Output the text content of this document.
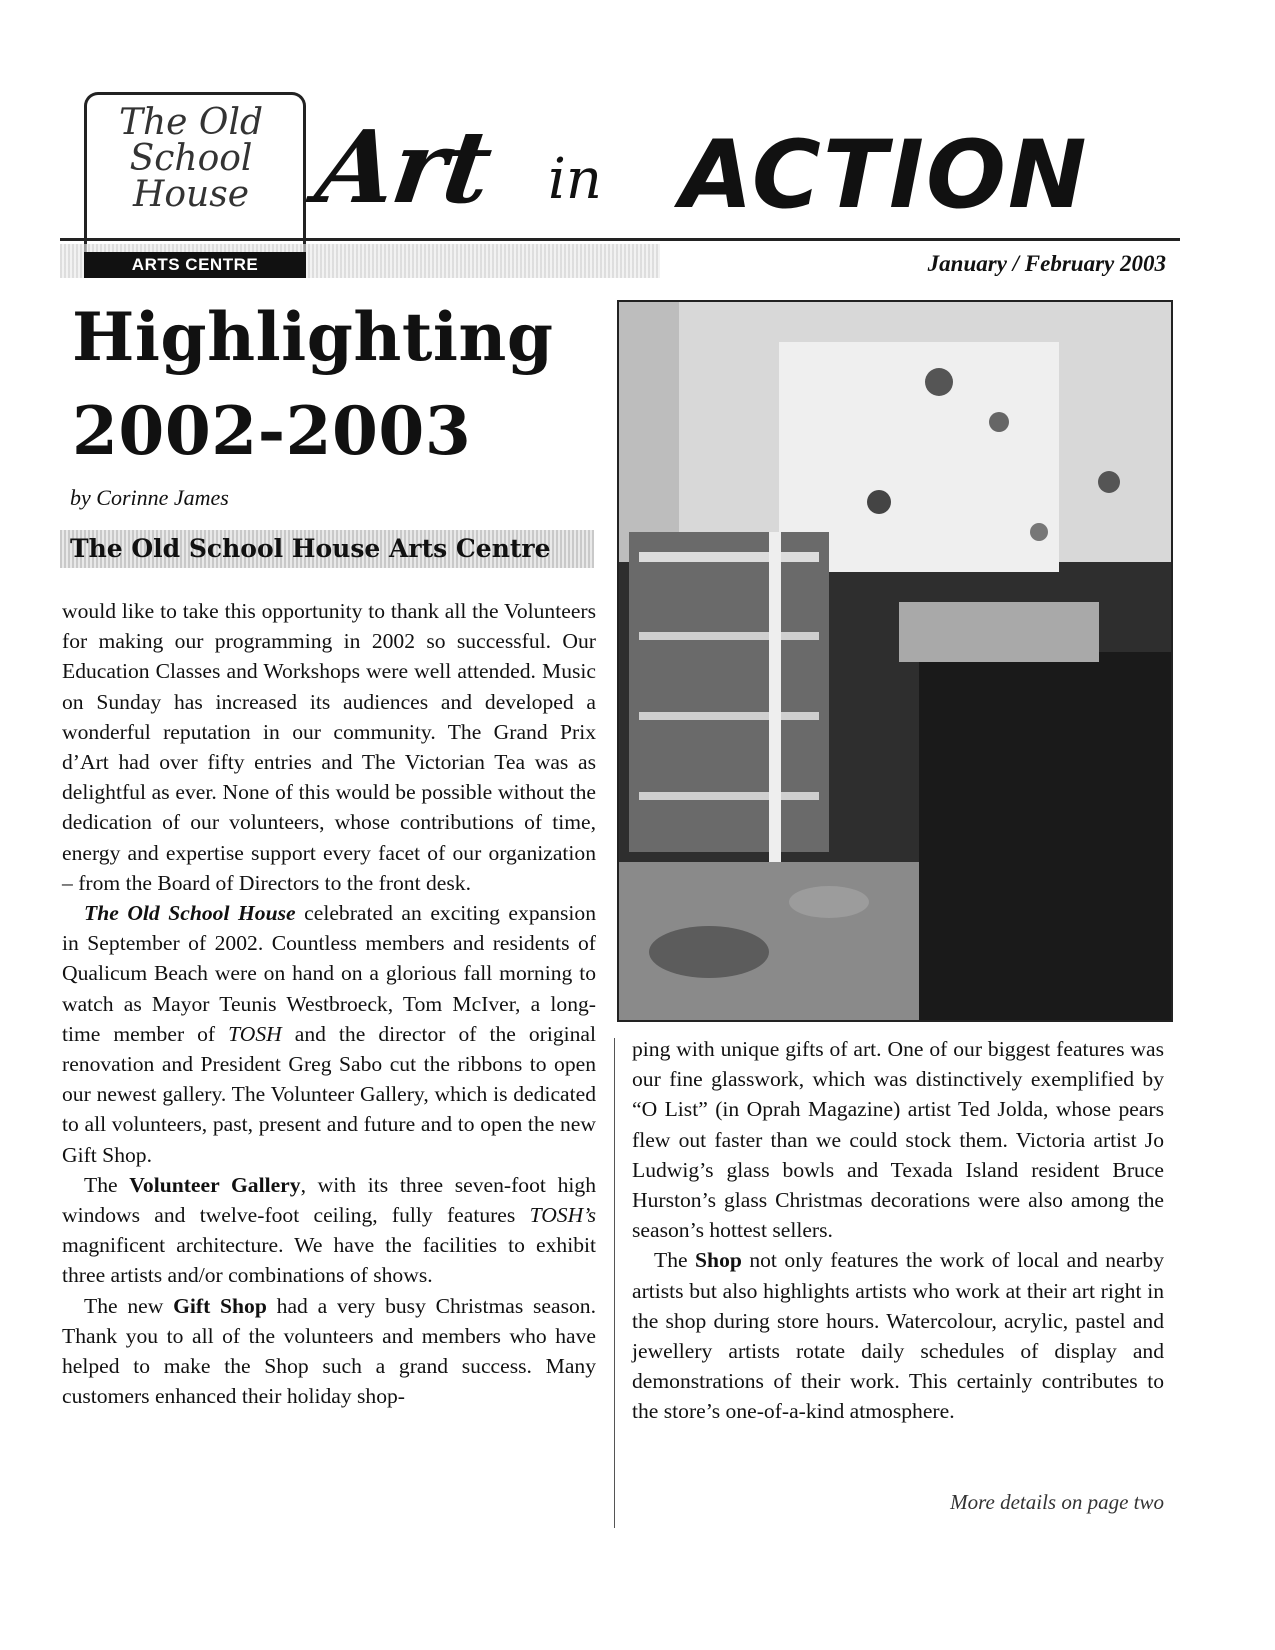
The Old School House
ARTS CENTRE
Art in ACTION
January / February 2003
Highlighting
2002-2003
by Corinne James
The Old School House Arts Centre

would like to take this opportunity to thank all the Volunteers for making our programming in 2002 so successful. Our Education Classes and Workshops were well attended. Music on Sunday has increased its audiences and developed a wonderful reputation in our community. The Grand Prix d’Art had over fifty entries and The Victorian Tea was as delightful as ever. None of this would be possible without the dedication of our volunteers, whose contributions of time, energy and expertise support every facet of our organization – from the Board of Directors to the front desk.

The Old School House celebrated an exciting expansion in September of 2002. Countless members and residents of Qualicum Beach were on hand on a glorious fall morning to watch as Mayor Teunis Westbroeck, Tom McIver, a long-time member of TOSH and the director of the original renovation and President Greg Sabo cut the ribbons to open our newest gallery. The Volunteer Gallery, which is dedicated to all volunteers, past, present and future and to open the new Gift Shop.

The Volunteer Gallery, with its three seven-foot high windows and twelve-foot ceiling, fully features TOSH’s magnificent architecture. We have the facilities to exhibit three artists and/or combinations of shows.

The new Gift Shop had a very busy Christmas season. Thank you to all of the volunteers and members who have helped to make the Shop such a grand success. Many customers enhanced their holiday shop-

ping with unique gifts of art. One of our biggest features was our fine glasswork, which was distinctively exemplified by “O List” (in Oprah Magazine) artist Ted Jolda, whose pears flew out faster than we could stock them. Victoria artist Jo Ludwig’s glass bowls and Texada Island resident Bruce Hurston’s glass Christmas decorations were also among the season’s hottest sellers.

The Shop not only features the work of local and nearby artists but also highlights artists who work at their art right in the shop during store hours. Watercolour, acrylic, pastel and jewellery artists rotate daily schedules of display and demonstrations of their work. This certainly contributes to the store’s one-of-a-kind atmosphere.

More details on page two
